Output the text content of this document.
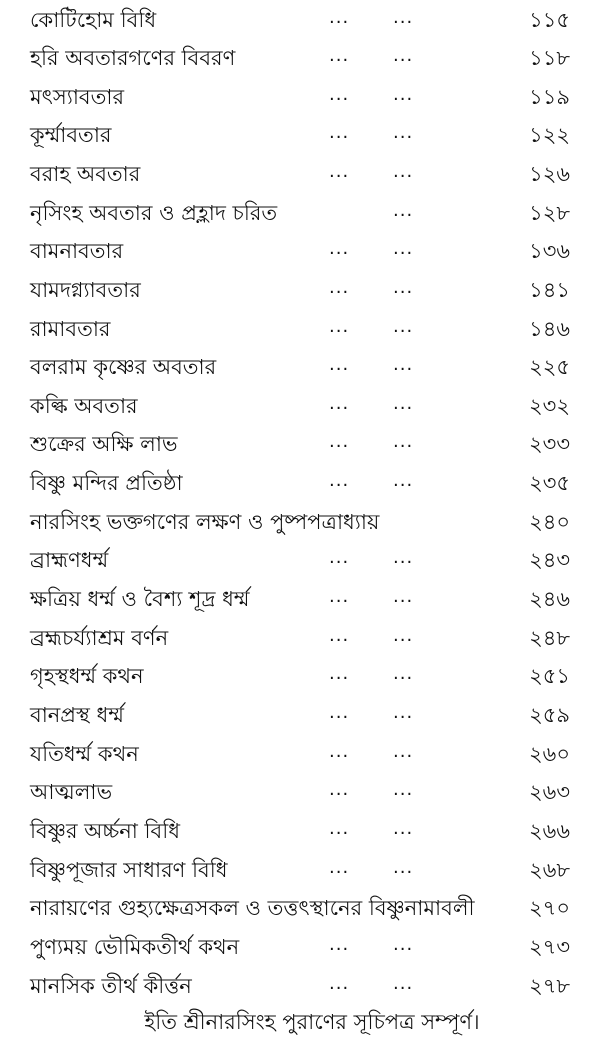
কোটিহোম বিধি	... ...	১১৫
হরি অবতারগণের বিবরণ	... ...	১১৮
মৎস্যাবতার	... ...	১১৯
কূর্ম্মাবতার	... ...	১২২
বরাহ অবতার	... ...	১২৬
নৃসিংহ অবতার ও প্রহ্লাদ চরিত	...	১২৮
বামনাবতার	... ...	১৩৬
যামদগ্ন্যাবতার	... ...	১৪১
রামাবতার	... ...	১৪৬
বলরাম কৃষ্ণের অবতার	... ...	২২৫
কল্কি অবতার	... ...	২৩২
শুক্রের অক্ষি লাভ	... ...	২৩৩
বিষ্ণু মন্দির প্রতিষ্ঠা	... ...	২৩৫
নারসিংহ ভক্তগণের লক্ষণ ও পুষ্পপত্রাধ্যায়	২৪০
ব্রাহ্মণধর্ম্ম	... ...	২৪৩
ক্ষত্রিয় ধর্ম্ম ও বৈশ্য শূদ্র ধর্ম্ম	... ...	২৪৬
ব্রহ্মচর্য্যাশ্রম বর্ণন	... ...	২৪৮
গৃহস্থধর্ম্ম কথন	... ...	২৫১
বানপ্রস্থ ধর্ম্ম	... ...	২৫৯
যতিধর্ম্ম কথন	... ...	২৬০
আত্মলাভ	... ...	২৬৩
বিষ্ণুর অর্চ্চনা বিধি	... ...	২৬৬
বিষ্ণুপূজার সাধারণ বিধি	... ...	২৬৮
নারায়ণের গুহ্যক্ষেত্রসকল ও তত্তৎস্থানের বিষ্ণুনামাবলী	২৭০
পুণ্যময় ভৌমিকতীর্থ কথন	... ...	২৭৩
মানসিক তীর্থ কীর্ত্তন	... ...	২৭৮
ইতি শ্রীনারসিংহ পুরাণের সূচিপত্র সম্পূর্ণ।
